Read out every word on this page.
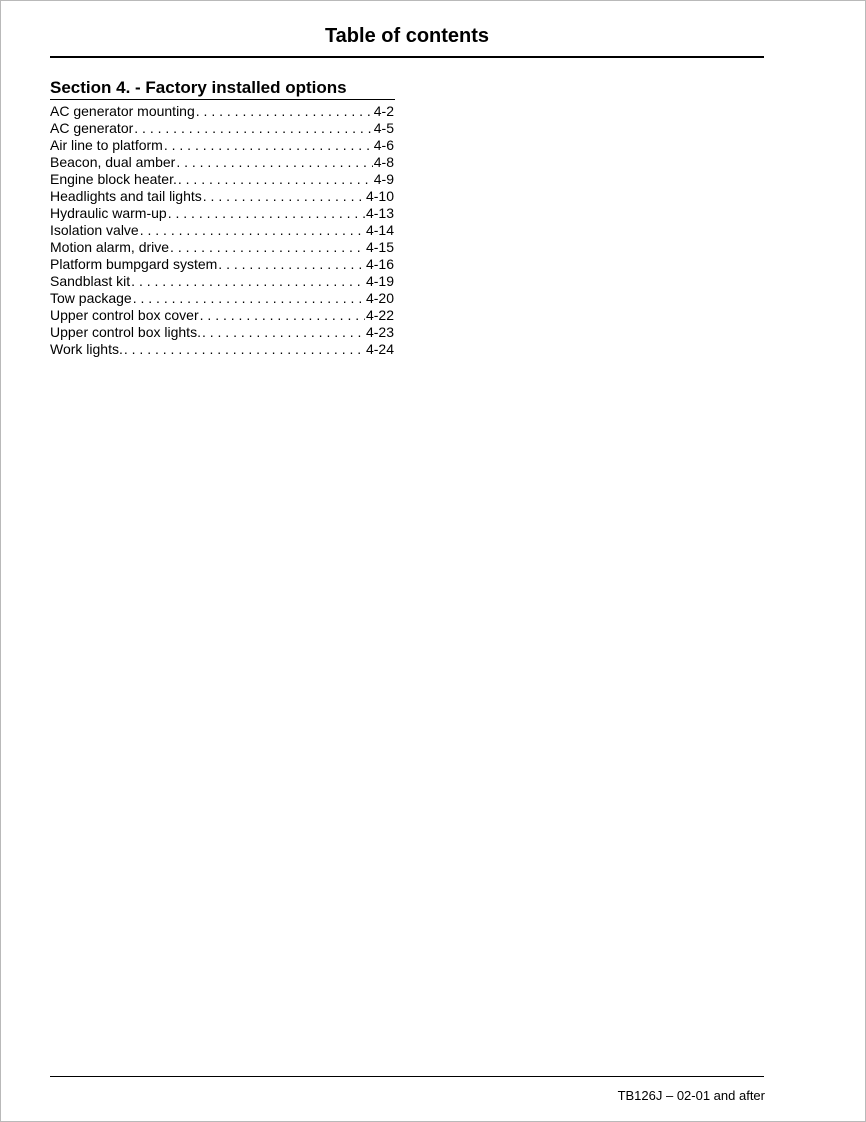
Table of contents
Section 4. - Factory installed options
AC generator mounting . . .	4-2
AC generator . . .	4-5
Air line to platform . . .	4-6
Beacon, dual amber . . .	4-8
Engine block heater. . . .	4-9
Headlights and tail lights . . .	4-10
Hydraulic warm-up . . .	4-13
Isolation valve . . .	4-14
Motion alarm, drive . . .	4-15
Platform bumpgard system . . .	4-16
Sandblast kit . . .	4-19
Tow package . . .	4-20
Upper control box cover . . .	4-22
Upper control box lights. . . .	4-23
Work lights. . . .	4-24
TB126J – 02-01 and after
